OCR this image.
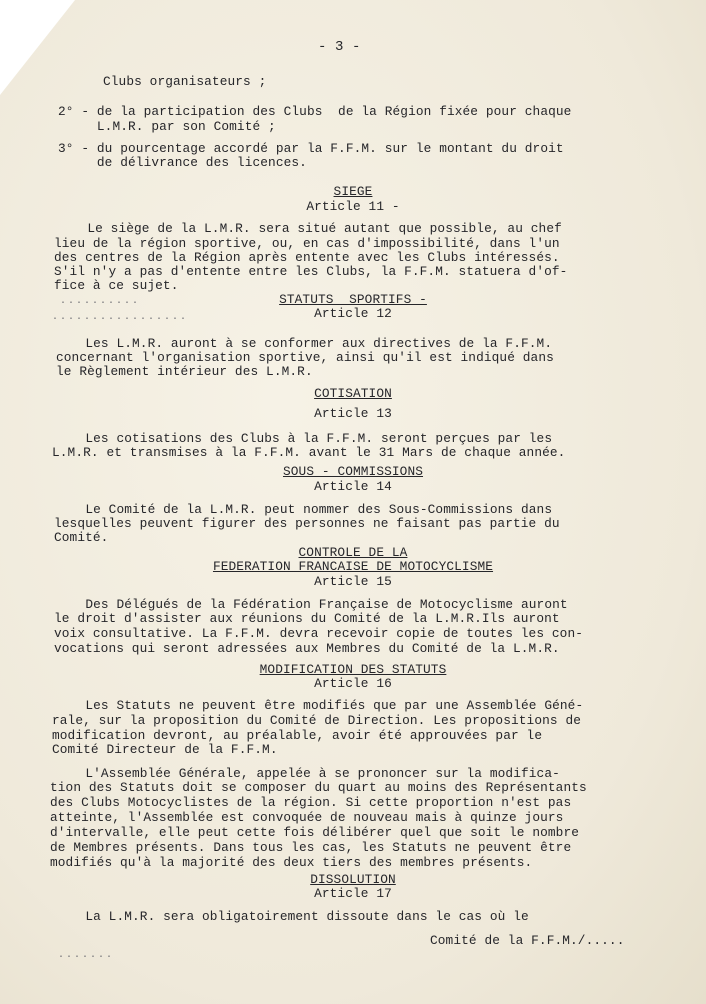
- 3 -
Clubs organisateurs ;
2° - de la participation des Clubs  de la Région fixée pour chaque
L.M.R. par son Comité ;
3° - du pourcentage accordé par la F.F.M. sur le montant du droit
de délivrance des licences.
SIEGE
Article 11 -
Le siège de la L.M.R. sera situé autant que possible, au chef
lieu de la région sportive, ou, en cas d'impossibilité, dans l'un
des centres de la Région après entente avec les Clubs intéressés.
S'il n'y a pas d'entente entre les Clubs, la F.F.M. statuera d'of-
fice à ce sujet.
..........
.................
STATUTS  SPORTIFS -
Article 12
Les L.M.R. auront à se conformer aux directives de la F.F.M.
concernant l'organisation sportive, ainsi qu'il est indiqué dans
le Règlement intérieur des L.M.R.
COTISATION
Article 13
Les cotisations des Clubs à la F.F.M. seront perçues par les
L.M.R. et transmises à la F.F.M. avant le 31 Mars de chaque année.
SOUS - COMMISSIONS
Article 14
Le Comité de la L.M.R. peut nommer des Sous-Commissions dans
lesquelles peuvent figurer des personnes ne faisant pas partie du
Comité.
CONTROLE DE LA
FEDERATION FRANCAISE DE MOTOCYCLISME
Article 15
Des Délégués de la Fédération Française de Motocyclisme auront
le droit d'assister aux réunions du Comité de la L.M.R.Ils auront
voix consultative. La F.F.M. devra recevoir copie de toutes les con-
vocations qui seront adressées aux Membres du Comité de la L.M.R.
MODIFICATION DES STATUTS
Article 16
Les Statuts ne peuvent être modifiés que par une Assemblée Géné-
rale, sur la proposition du Comité de Direction. Les propositions de
modification devront, au préalable, avoir été approuvées par le
Comité Directeur de la F.F.M.
L'Assemblée Générale, appelée à se prononcer sur la modifica-
tion des Statuts doit se composer du quart au moins des Représentants
des Clubs Motocyclistes de la région. Si cette proportion n'est pas
atteinte, l'Assemblée est convoquée de nouveau mais à quinze jours
d'intervalle, elle peut cette fois délibérer quel que soit le nombre
de Membres présents. Dans tous les cas, les Statuts ne peuvent être
modifiés qu'à la majorité des deux tiers des membres présents.
DISSOLUTION
Article 17
La L.M.R. sera obligatoirement dissoute dans le cas où le
Comité de la F.F.M./.....
.......
